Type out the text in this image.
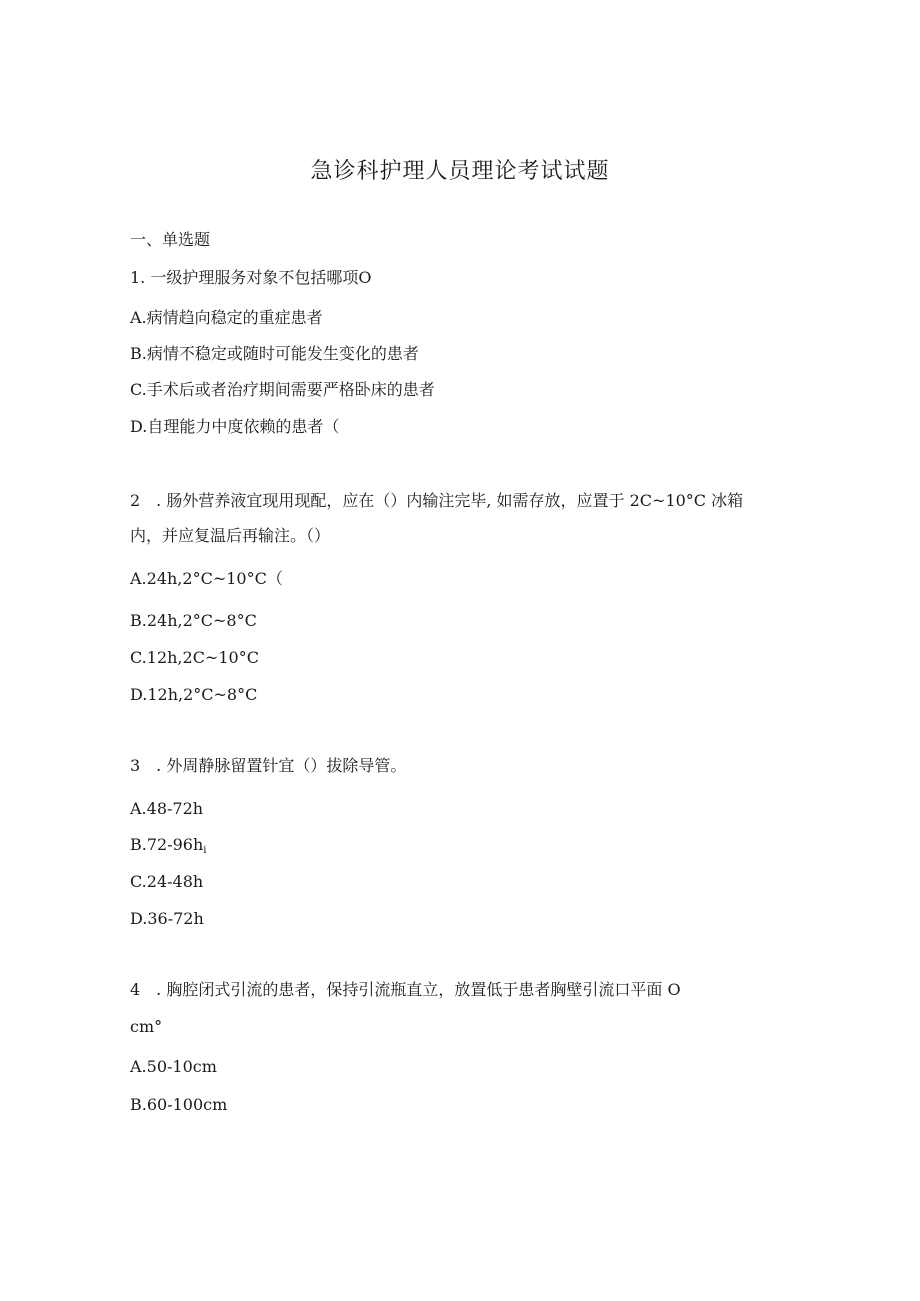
急诊科护理人员理论考试试题
一、单选题
1. 一级护理服务对象不包括哪项O
A.病情趋向稳定的重症患者
B.病情不稳定或随时可能发生变化的患者
C.手术后或者治疗期间需要严格卧床的患者
D.自理能力中度依赖的患者（
2　. 肠外营养液宜现用现配，应在（）内输注完毕, 如需存放，应置于 2C~10°C 冰箱
内，并应复温后再输注。（）
A.24h,2°C~10°C（
B.24h,2°C~8°C
C.12h,2C~10°C
D.12h,2°C~8°C
3　. 外周静脉留置针宜（）拔除导管。
A.48-72h
$B.72-96h_i$
C.24-48h
D.36-72h
4　. 胸腔闭式引流的患者，保持引流瓶直立，放置低于患者胸壁引流口平面 O
cm°
A.50-10cm
B.60-100cm
